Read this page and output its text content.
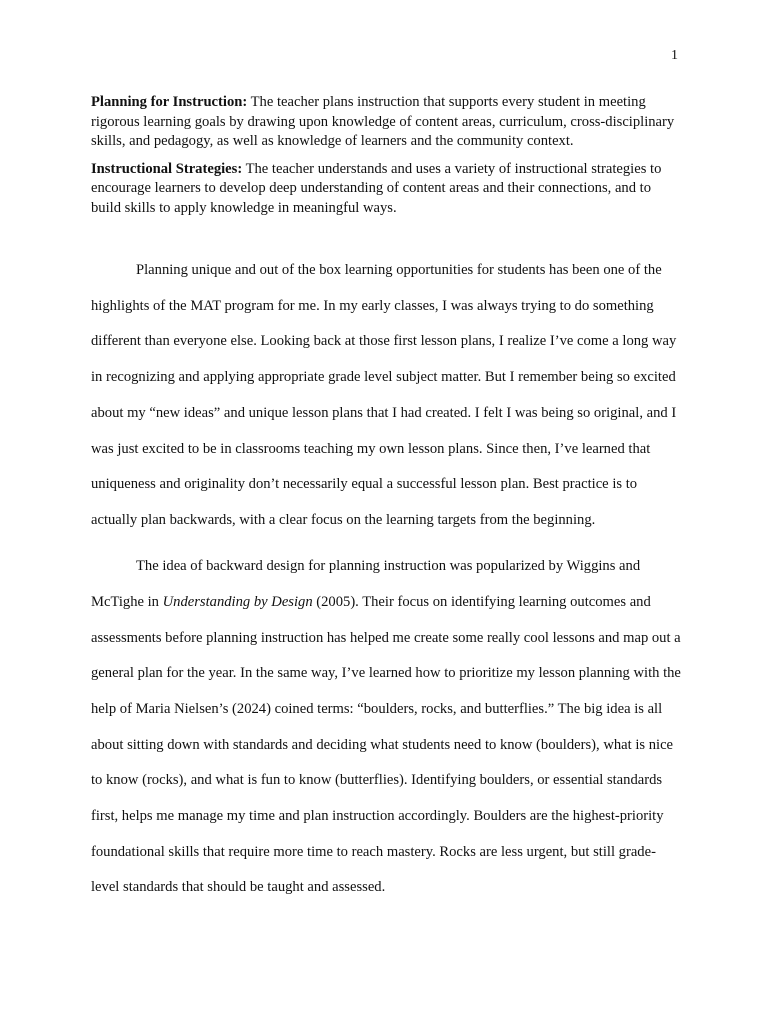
1

Planning for Instruction: The teacher plans instruction that supports every student in meeting rigorous learning goals by drawing upon knowledge of content areas, curriculum, cross-disciplinary skills, and pedagogy, as well as knowledge of learners and the community context.

Instructional Strategies: The teacher understands and uses a variety of instructional strategies to encourage learners to develop deep understanding of content areas and their connections, and to build skills to apply knowledge in meaningful ways.

Planning unique and out of the box learning opportunities for students has been one of the highlights of the MAT program for me. In my early classes, I was always trying to do something different than everyone else. Looking back at those first lesson plans, I realize I’ve come a long way in recognizing and applying appropriate grade level subject matter. But I remember being so excited about my “new ideas” and unique lesson plans that I had created. I felt I was being so original, and I was just excited to be in classrooms teaching my own lesson plans. Since then, I’ve learned that uniqueness and originality don’t necessarily equal a successful lesson plan. Best practice is to actually plan backwards, with a clear focus on the learning targets from the beginning.

The idea of backward design for planning instruction was popularized by Wiggins and McTighe in Understanding by Design (2005). Their focus on identifying learning outcomes and assessments before planning instruction has helped me create some really cool lessons and map out a general plan for the year. In the same way, I’ve learned how to prioritize my lesson planning with the help of Maria Nielsen’s (2024) coined terms: “boulders, rocks, and butterflies.” The big idea is all about sitting down with standards and deciding what students need to know (boulders), what is nice to know (rocks), and what is fun to know (butterflies). Identifying boulders, or essential standards first, helps me manage my time and plan instruction accordingly. Boulders are the highest-priority foundational skills that require more time to reach mastery. Rocks are less urgent, but still grade-level standards that should be taught and assessed.
